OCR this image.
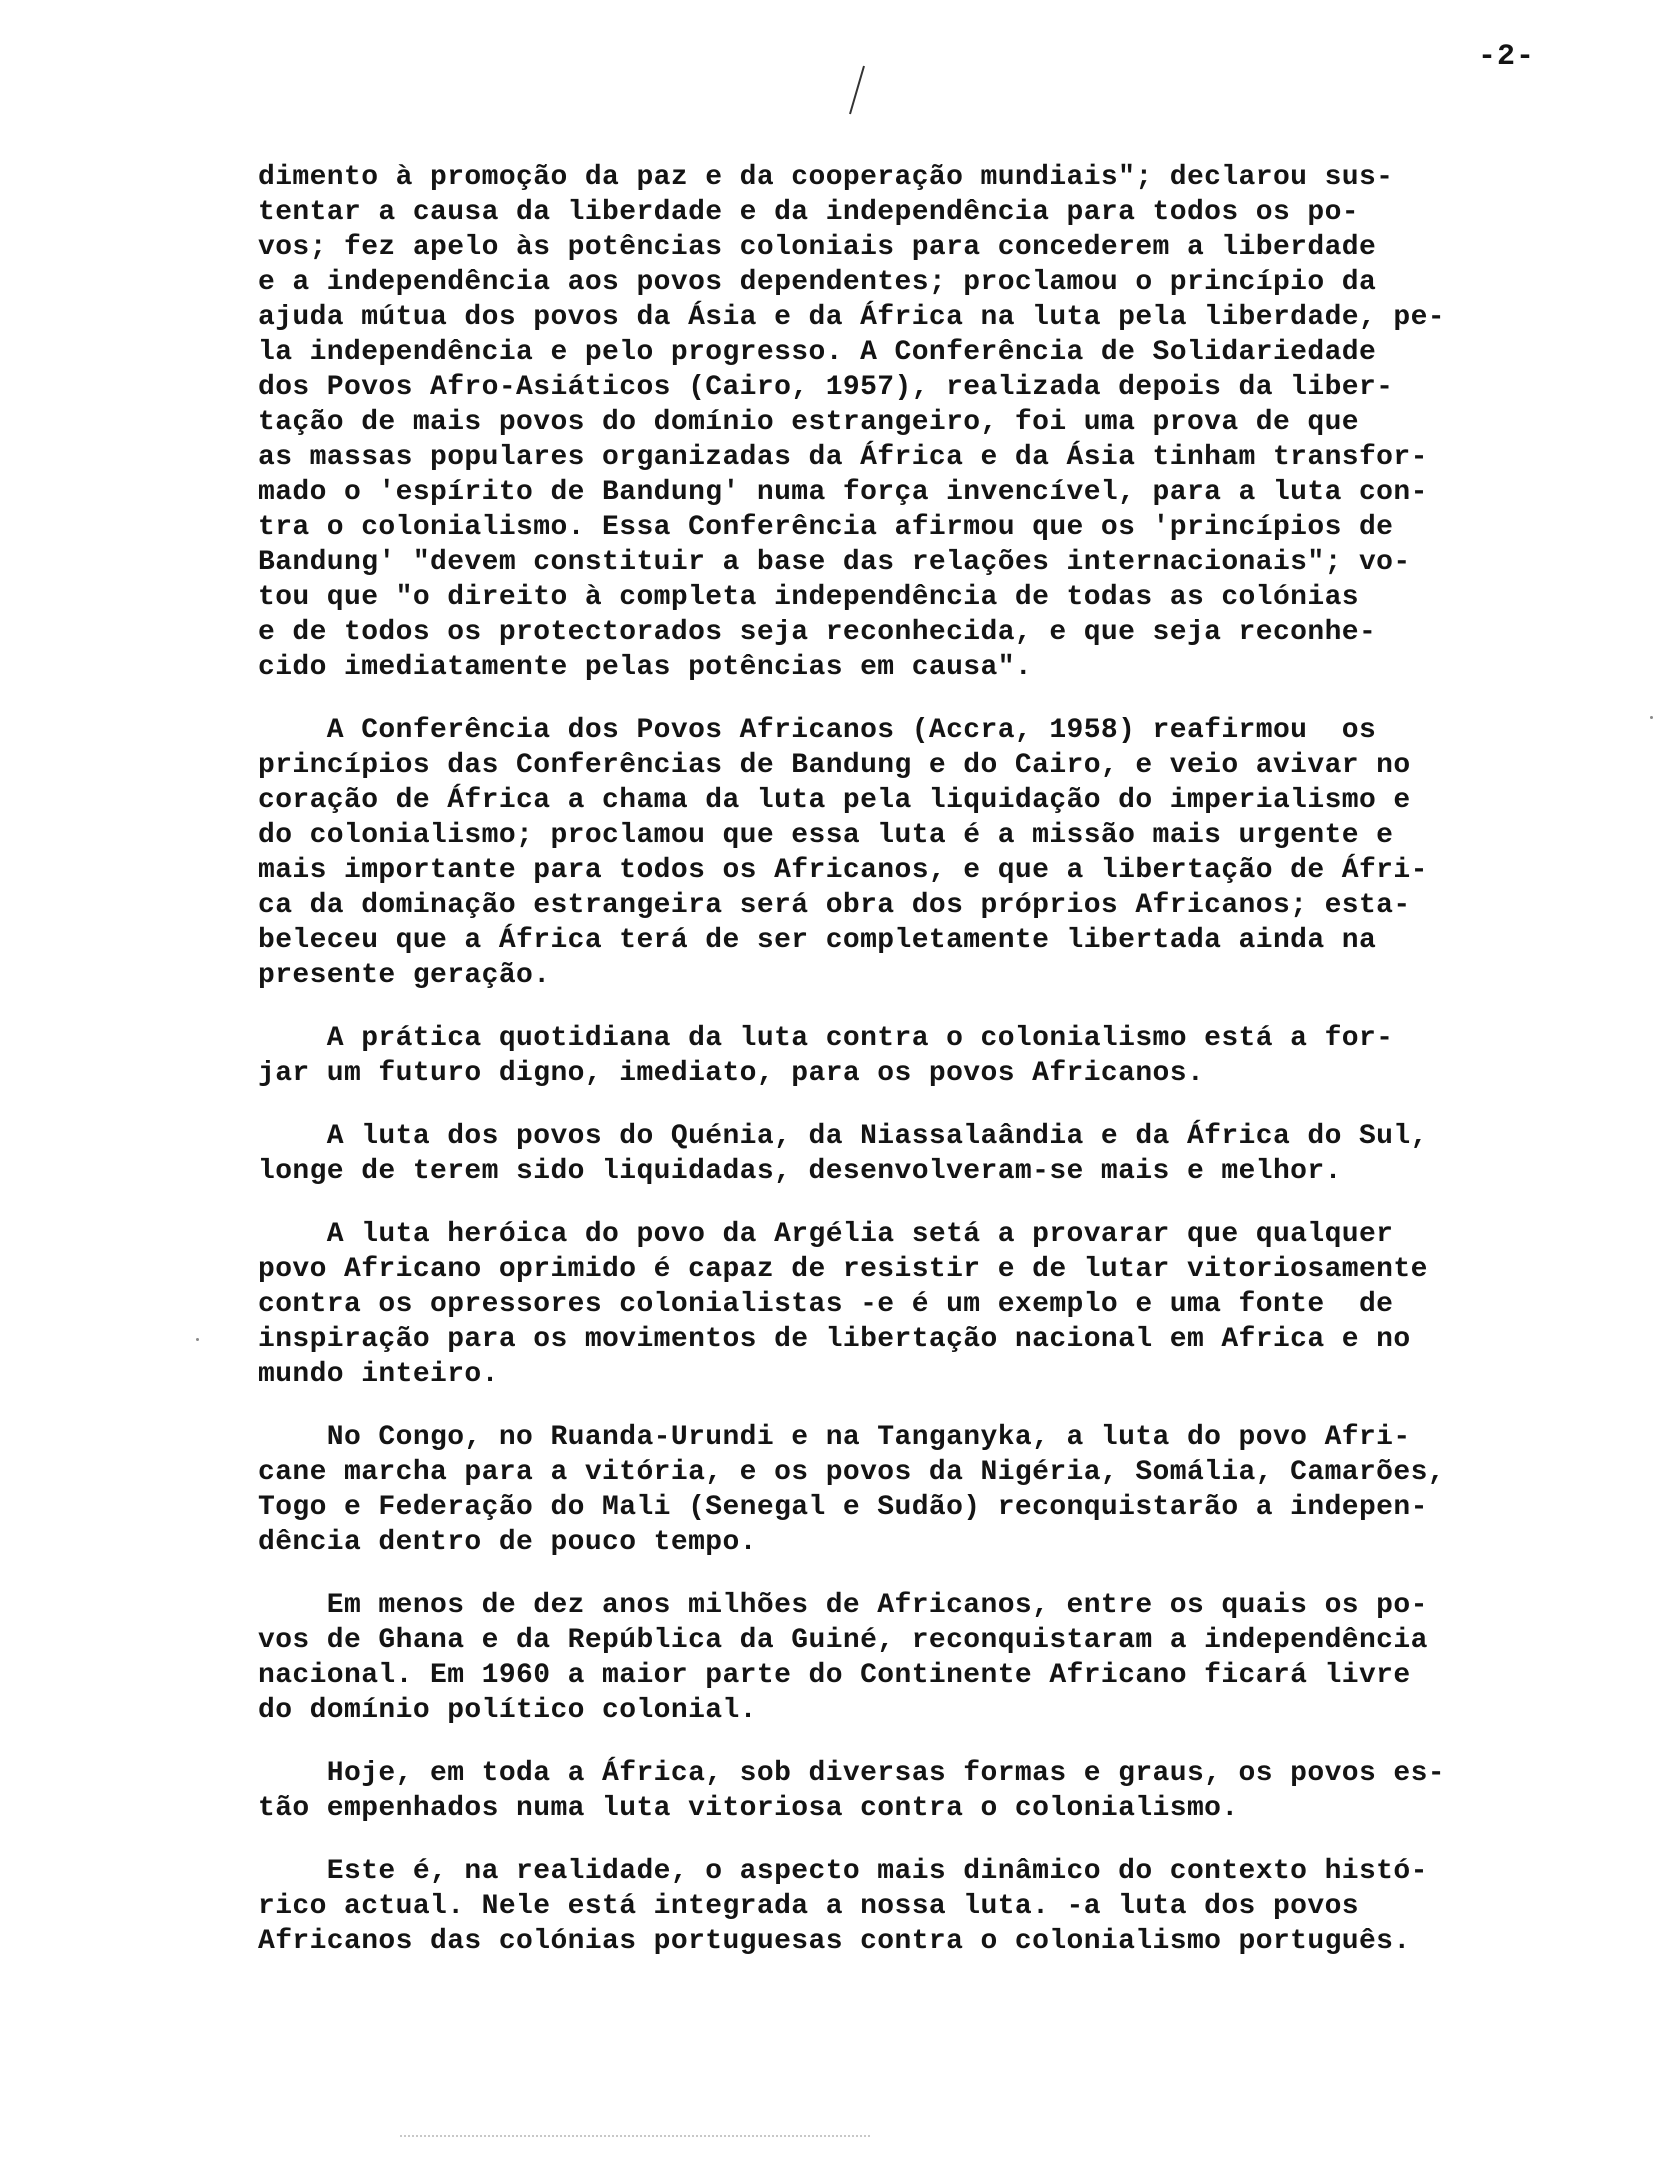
-2-
dimento à promoção da paz e da cooperação mundiais"; declarou sus-
tentar a causa da liberdade e da independência para todos os po-
vos; fez apelo às potências coloniais para concederem a liberdade
e a independência aos povos dependentes; proclamou o princípio da
ajuda mútua dos povos da Ásia e da África na luta pela liberdade, pe-
la independência e pelo progresso. A Conferência de Solidariedade
dos Povos Afro-Asiáticos (Cairo, 1957), realizada depois da liber-
tação de mais povos do domínio estrangeiro, foi uma prova de que
as massas populares organizadas da África e da Ásia tinham transfor-
mado o 'espírito de Bandung' numa força invencível, para a luta con-
tra o colonialismo. Essa Conferência afirmou que os 'princípios de
Bandung' "devem constituir a base das relações internacionais"; vo-
tou que "o direito à completa independência de todas as colónias
e de todos os protectorados seja reconhecida, e que seja reconhe-
cido imediatamente pelas potências em causa".
A Conferência dos Povos Africanos (Accra, 1958) reafirmou  os
princípios das Conferências de Bandung e do Cairo, e veio avivar no
coração de África a chama da luta pela liquidação do imperialismo e
do colonialismo; proclamou que essa luta é a missão mais urgente e
mais importante para todos os Africanos, e que a libertação de Áfri-
ca da dominação estrangeira será obra dos próprios Africanos; esta-
beleceu que a África terá de ser completamente libertada ainda na
presente geração.
A prática quotidiana da luta contra o colonialismo está a for-
jar um futuro digno, imediato, para os povos Africanos.
A luta dos povos do Quénia, da Niassalaândia e da África do Sul,
longe de terem sido liquidadas, desenvolveram-se mais e melhor.
A luta heróica do povo da Argélia setá a provarar que qualquer
povo Africano oprimido é capaz de resistir e de lutar vitoriosamente
contra os opressores colonialistas -e é um exemplo e uma fonte  de
inspiração para os movimentos de libertação nacional em Africa e no
mundo inteiro.
No Congo, no Ruanda-Urundi e na Tanganyka, a luta do povo Afri-
cane marcha para a vitória, e os povos da Nigéria, Somália, Camarões,
Togo e Federação do Mali (Senegal e Sudão) reconquistarão a indepen-
dência dentro de pouco tempo.
Em menos de dez anos milhões de Africanos, entre os quais os po-
vos de Ghana e da República da Guiné, reconquistaram a independência
nacional. Em 1960 a maior parte do Continente Africano ficará livre
do domínio político colonial.
Hoje, em toda a África, sob diversas formas e graus, os povos es-
tão empenhados numa luta vitoriosa contra o colonialismo.
Este é, na realidade, o aspecto mais dinâmico do contexto histó-
rico actual. Nele está integrada a nossa luta. -a luta dos povos
Africanos das colónias portuguesas contra o colonialismo português.
